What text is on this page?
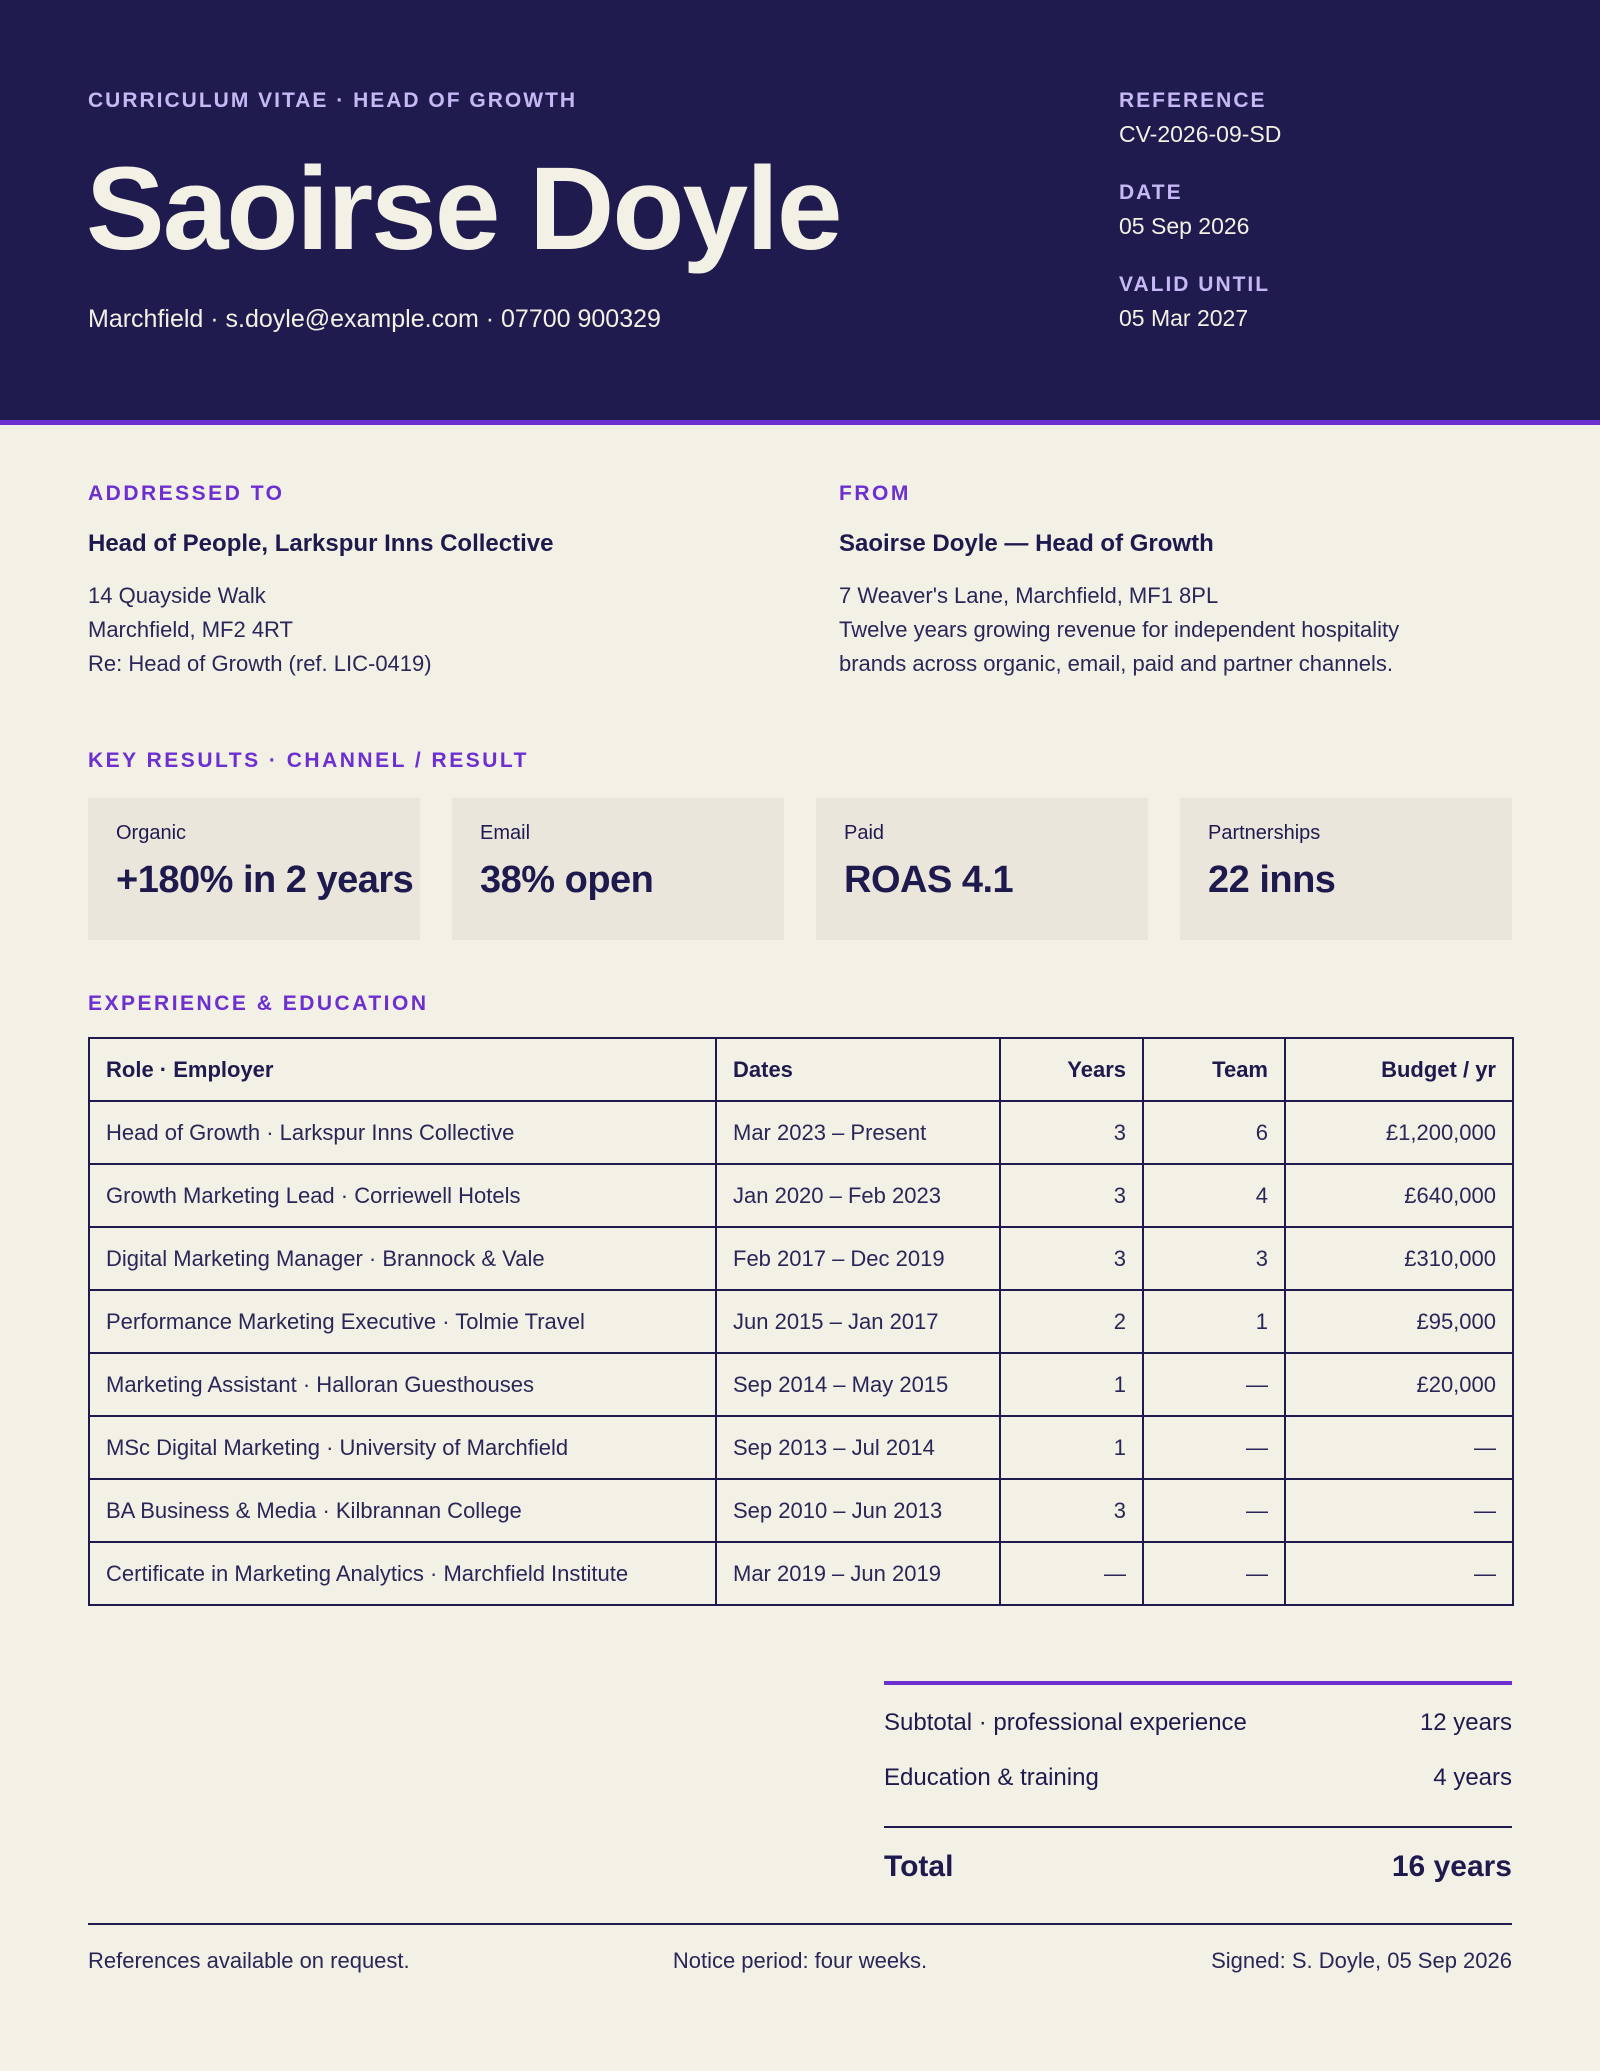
CURRICULUM VITAE · HEAD OF GROWTH
Saoirse Doyle
Marchfield · s.doyle@example.com · 07700 900329
REFERENCE
CV-2026-09-SD
DATE
05 Sep 2026
VALID UNTIL
05 Mar 2027
ADDRESSED TO
Head of People, Larkspur Inns Collective
14 Quayside Walk
Marchfield, MF2 4RT
Re: Head of Growth (ref. LIC-0419)
FROM
Saoirse Doyle — Head of Growth
7 Weaver's Lane, Marchfield, MF1 8PL
Twelve years growing revenue for independent hospitality
brands across organic, email, paid and partner channels.
KEY RESULTS · CHANNEL / RESULT
Organic
+180% in 2 years
Email
38% open
Paid
ROAS 4.1
Partnerships
22 inns
EXPERIENCE & EDUCATION
Role · Employer	Dates	Years	Team	Budget / yr
Head of Growth · Larkspur Inns Collective	Mar 2023 – Present	3	6	£1,200,000
Growth Marketing Lead · Corriewell Hotels	Jan 2020 – Feb 2023	3	4	£640,000
Digital Marketing Manager · Brannock & Vale	Feb 2017 – Dec 2019	3	3	£310,000
Performance Marketing Executive · Tolmie Travel	Jun 2015 – Jan 2017	2	1	£95,000
Marketing Assistant · Halloran Guesthouses	Sep 2014 – May 2015	1	—	£20,000
MSc Digital Marketing · University of Marchfield	Sep 2013 – Jul 2014	1	—	—
BA Business & Media · Kilbrannan College	Sep 2010 – Jun 2013	3	—	—
Certificate in Marketing Analytics · Marchfield Institute	Mar 2019 – Jun 2019	—	—	—
Subtotal · professional experience	12 years
Education & training	4 years
Total	16 years
References available on request.	Notice period: four weeks.	Signed: S. Doyle, 05 Sep 2026
